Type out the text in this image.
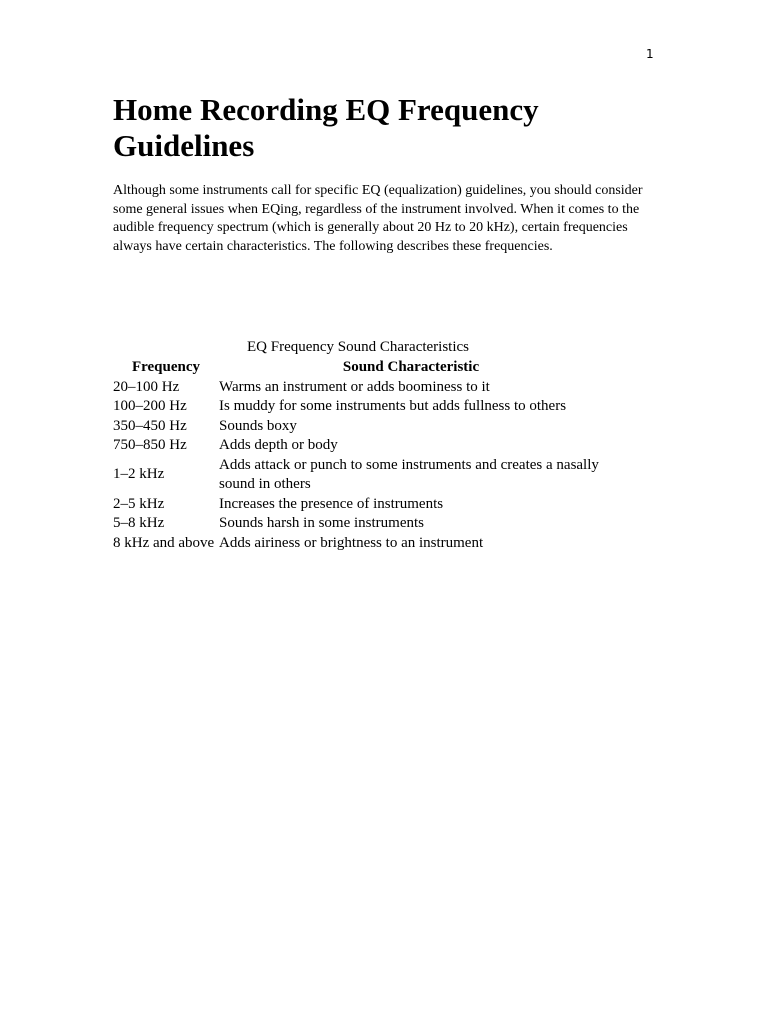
1
Home Recording EQ Frequency Guidelines

Although some instruments call for specific EQ (equalization) guidelines, you should consider some general issues when EQing, regardless of the instrument involved. When it comes to the audible frequency spectrum (which is generally about 20 Hz to 20 kHz), certain frequencies always have certain characteristics. The following describes these frequencies.

EQ Frequency Sound Characteristics
Frequency	Sound Characteristic
20–100 Hz	Warms an instrument or adds boominess to it
100–200 Hz	Is muddy for some instruments but adds fullness to others
350–450 Hz	Sounds boxy
750–850 Hz	Adds depth or body
1–2 kHz	Adds attack or punch to some instruments and creates a nasally sound in others
2–5 kHz	Increases the presence of instruments
5–8 kHz	Sounds harsh in some instruments
8 kHz and above	Adds airiness or brightness to an instrument
